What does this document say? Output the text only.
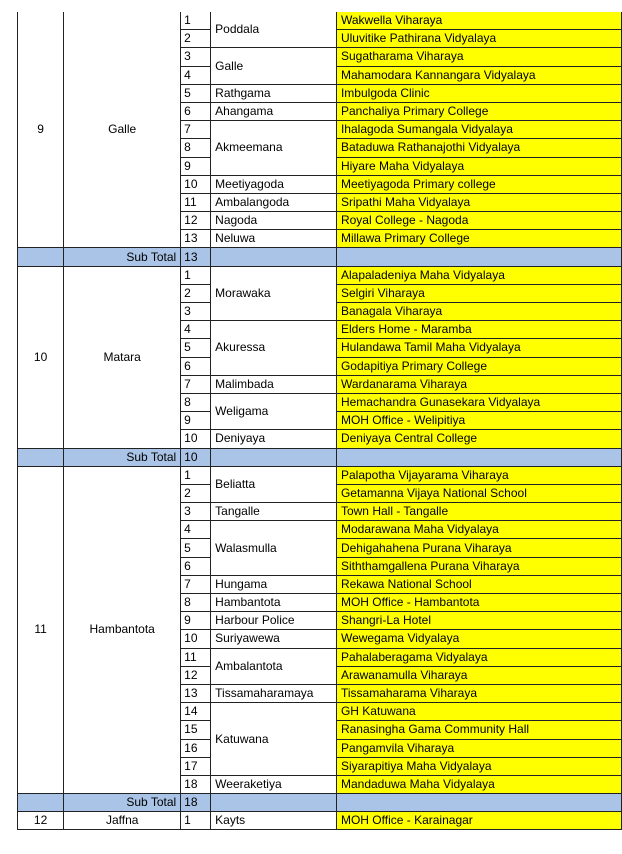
9	Galle	1	Poddala	Wakwella Viharaya
		2		Uluvitike Pathirana Vidyalaya
		3	Galle	Sugatharama Viharaya
		4		Mahamodara Kannangara Vidyalaya
		5	Rathgama	Imbulgoda Clinic
		6	Ahangama	Panchaliya Primary College
		7	Akmeemana	Ihalagoda Sumangala Vidyalaya
		8		Bataduwa Rathanajothi Vidyalaya
		9		Hiyare Maha Vidyalaya
		10	Meetiyagoda	Meetiyagoda Primary college
		11	Ambalangoda	Sripathi Maha Vidyalaya
		12	Nagoda	Royal College - Nagoda
		13	Neluwa	Millawa Primary College
	Sub Total	13		
10	Matara	1	Morawaka	Alapaladeniya Maha Vidyalaya
		2		Selgiri Viharaya
		3		Banagala Viharaya
		4	Akuressa	Elders Home - Maramba
		5		Hulandawa Tamil Maha Vidyalaya
		6		Godapitiya Primary College
		7	Malimbada	Wardanarama Viharaya
		8	Weligama	Hemachandra Gunasekara Vidyalaya
		9		MOH Office - Welipitiya
		10	Deniyaya	Deniyaya Central College
	Sub Total	10		
11	Hambantota	1	Beliatta	Palapotha Vijayarama Viharaya
		2		Getamanna Vijaya National School
		3	Tangalle	Town Hall - Tangalle
		4	Walasmulla	Modarawana Maha Vidyalaya
		5		Dehigahahena Purana Viharaya
		6		Siththamgallena Purana Viharaya
		7	Hungama	Rekawa National School
		8	Hambantota	MOH Office - Hambantota
		9	Harbour Police	Shangri-La Hotel
		10	Suriyawewa	Wewegama Vidyalaya
		11	Ambalantota	Pahalaberagama Vidyalaya
		12		Arawanamulla Viharaya
		13	Tissamaharamaya	Tissamaharama Viharaya
		14	Katuwana	GH Katuwana
		15		Ranasingha Gama Community Hall
		16		Pangamvila Viharaya
		17		Siyarapitiya Maha Vidyalaya
		18	Weeraketiya	Mandaduwa Maha Vidyalaya
	Sub Total	18		
12	Jaffna	1	Kayts	MOH Office - Karainagar
